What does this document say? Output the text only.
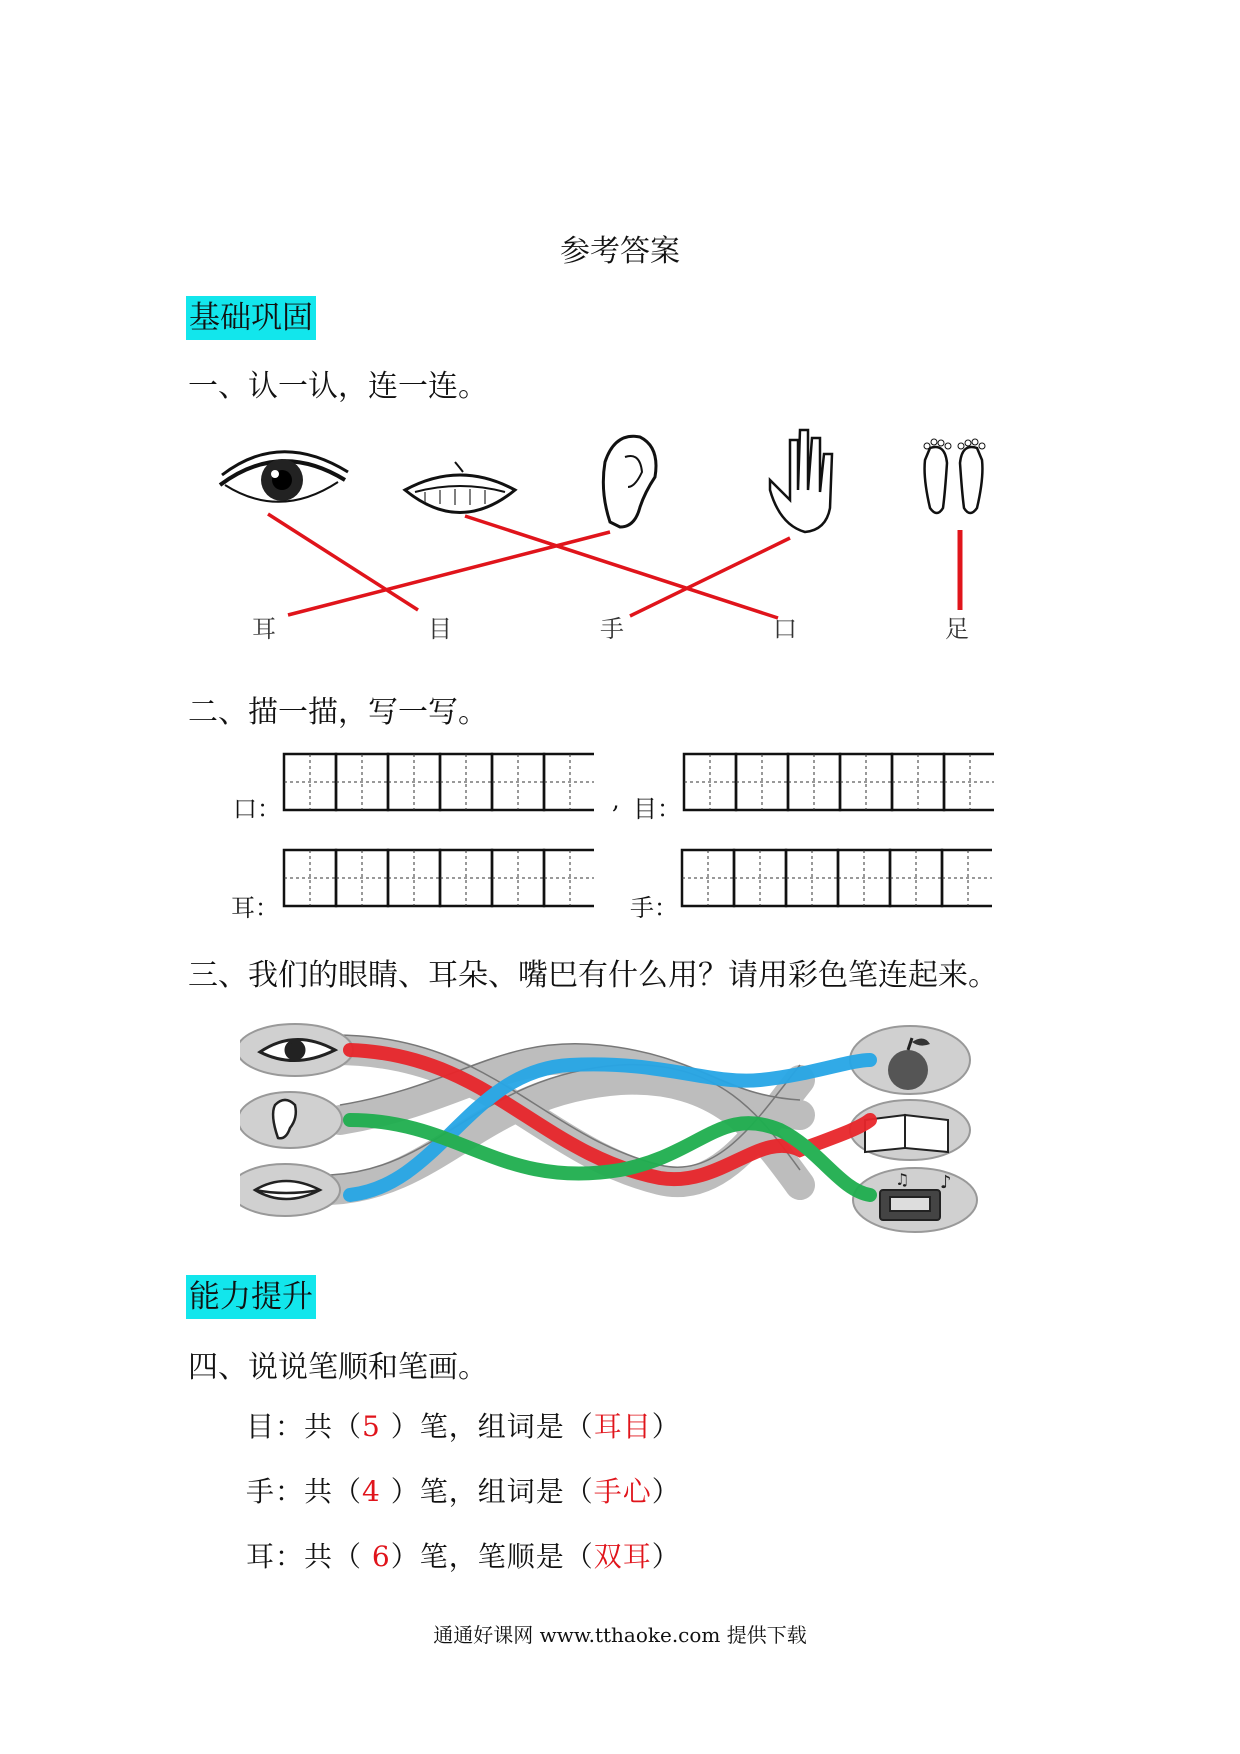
参考答案
基础巩固
一、认一认，连一连。
耳	目	手	口	足
二、描一描，写一写。
口：	, 目：
耳：	手：
三、我们的眼睛、耳朵、嘴巴有什么用？请用彩色笔连起来。
♪
♫
能力提升
四、说说笔顺和笔画。
目：共（5 ）笔，组词是（耳目）
手：共（4 ）笔，组词是（手心）
耳：共（ 6）笔，笔顺是（双耳）
通通好课网 www.tthaoke.com 提供下载
